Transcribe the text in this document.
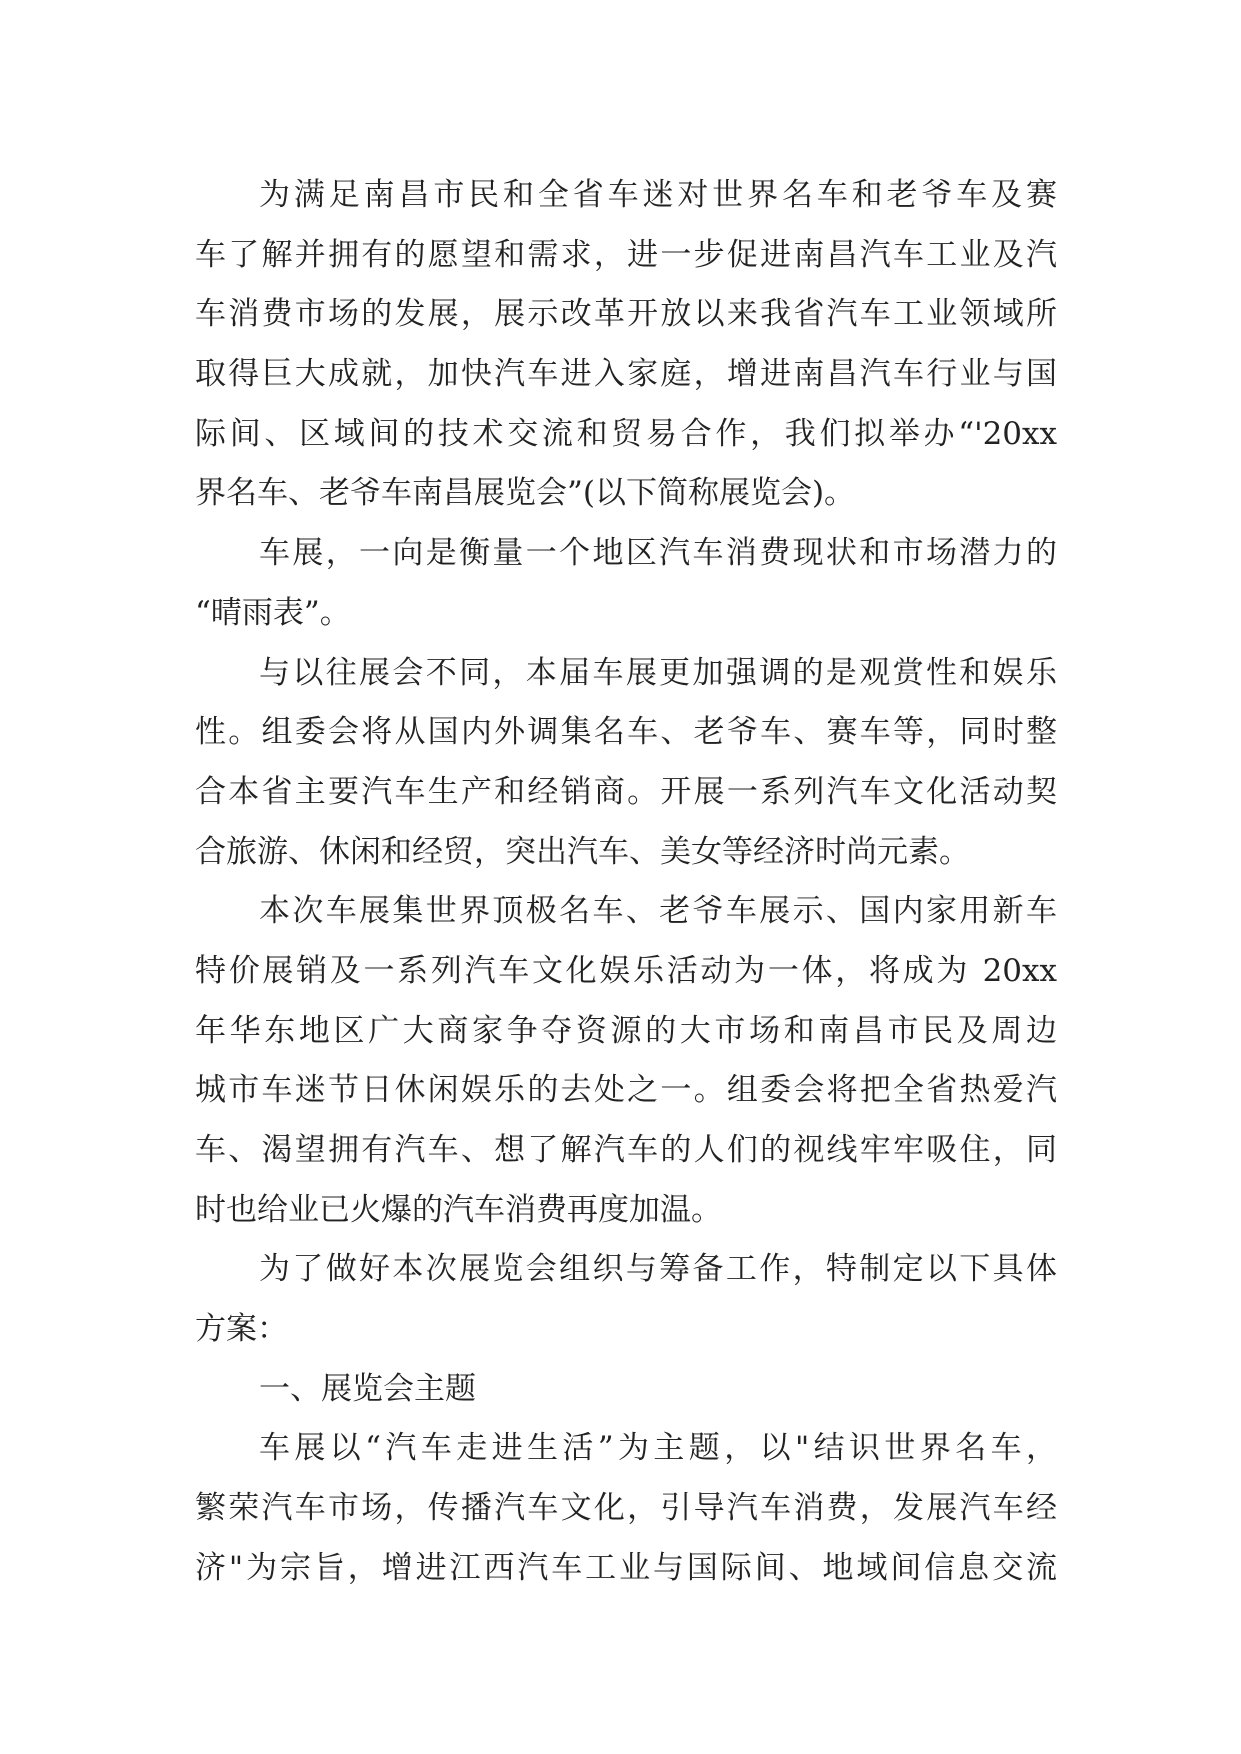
为满足南昌市民和全省车迷对世界名车和老爷车及赛
车了解并拥有的愿望和需求，进一步促进南昌汽车工业及汽
车消费市场的发展，展示改革开放以来我省汽车工业领域所
取得巨大成就，加快汽车进入家庭，增进南昌汽车行业与国
际间、区域间的技术交流和贸易合作，我们拟举办“'20xx
界名车、老爷车南昌展览会”(以下简称展览会)。
车展，一向是衡量一个地区汽车消费现状和市场潜力的
“晴雨表”。
与以往展会不同，本届车展更加强调的是观赏性和娱乐
性。组委会将从国内外调集名车、老爷车、赛车等，同时整
合本省主要汽车生产和经销商。开展一系列汽车文化活动契
合旅游、休闲和经贸，突出汽车、美女等经济时尚元素。
本次车展集世界顶极名车、老爷车展示、国内家用新车
特价展销及一系列汽车文化娱乐活动为一体，将成为 20xx
年华东地区广大商家争夺资源的大市场和南昌市民及周边
城市车迷节日休闲娱乐的去处之一。组委会将把全省热爱汽
车、渴望拥有汽车、想了解汽车的人们的视线牢牢吸住，同
时也给业已火爆的汽车消费再度加温。
为了做好本次展览会组织与筹备工作，特制定以下具体
方案：
一、展览会主题
车展以“汽车走进生活”为主题，以"结识世界名车，
繁荣汽车市场，传播汽车文化，引导汽车消费，发展汽车经
济"为宗旨，增进江西汽车工业与国际间、地域间信息交流
